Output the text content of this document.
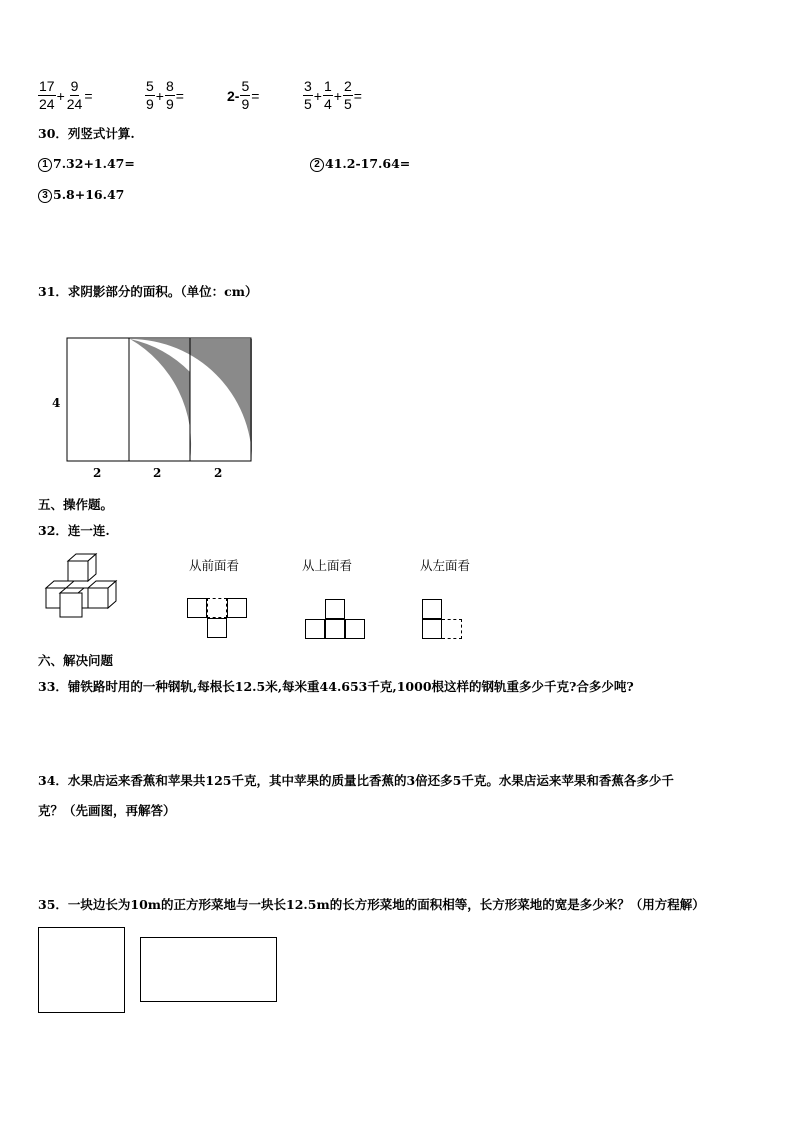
$\frac{17}{24} + \frac{9}{24}$ =	$\frac{5}{9} + \frac{8}{9}$ =	$2- \frac{5}{9}$ =	$\frac{3}{5} + \frac{1}{4} + \frac{2}{5}$ =
30．列竖式计算.
1 7.32+1.47=	2 41.2-17.64=
3 5.8+16.47
31．求阴影部分的面积。（单位：cm）
4
2	2	2
五、操作题。
32．连一连.
从前面看	从上面看	从左面看
六、解决问题
33．铺铁路时用的一种钢轨,每根长12.5米,每米重44.653千克,1000根这样的钢轨重多少千克?合多少吨?
34．水果店运来香蕉和苹果共125千克，其中苹果的质量比香蕉的3倍还多5千克。水果店运来苹果和香蕉各多少千
克？（先画图，再解答）
35．一块边长为10m的正方形菜地与一块长12.5m的长方形菜地的面积相等，长方形菜地的宽是多少米？（用方程解）
